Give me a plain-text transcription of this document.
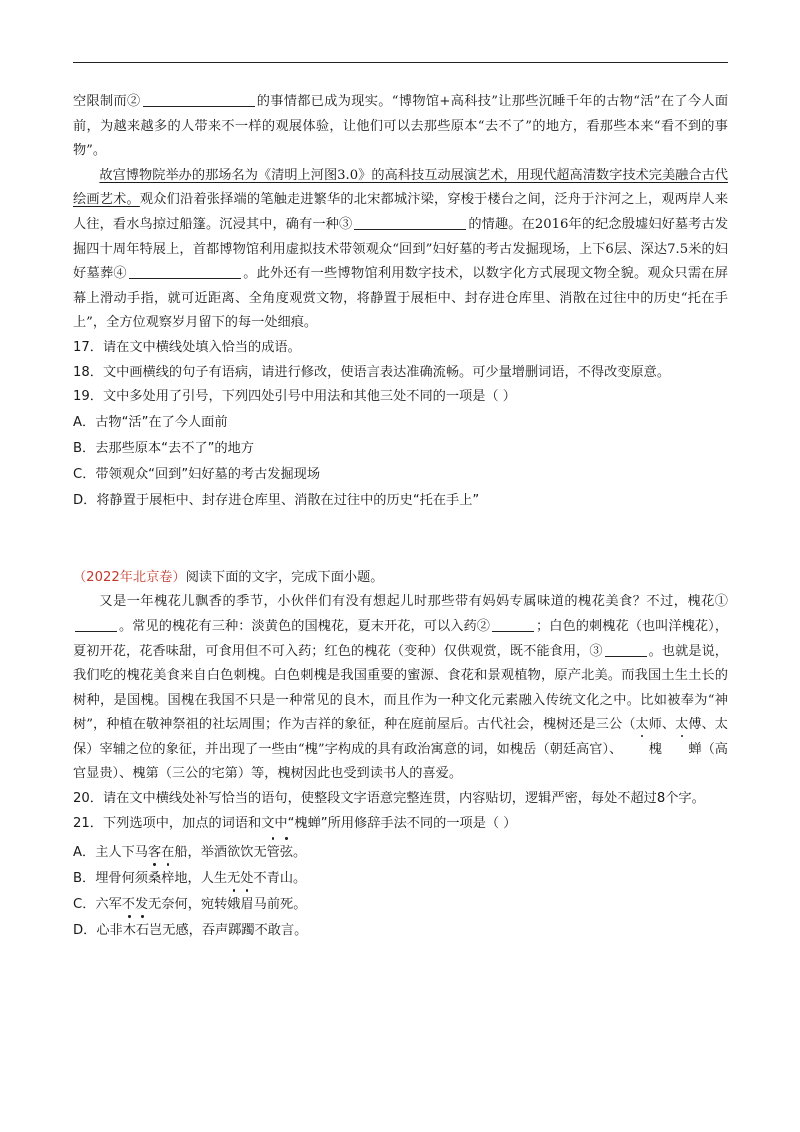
空限制而②	的事情都已成为现实。“博物馆+高科技”让那些沉睡千年的古物“活”在了今人面前，为越来越多的人带来不一样的观展体验，让他们可以去那些原本“去不了”的地方，看那些本来“看不到的事物”。

故宫博物院举办的那场名为《清明上河图3.0》的高科技互动展演艺术，用现代超高清数字技术完美融合古代绘画艺术。观众们沿着张择端的笔触走进繁华的北宋都城汴梁，穿梭于楼台之间，泛舟于汴河之上，观两岸人来人往，看水鸟掠过船篷。沉浸其中，确有一种③	的情趣。在2016年的纪念殷墟妇好墓考古发掘四十周年特展上，首都博物馆利用虚拟技术带领观众“回到”妇好墓的考古发掘现场，上下6层、深达7.5米的妇好墓葬④	。此外还有一些博物馆利用数字技术，以数字化方式展现文物全貌。观众只需在屏幕上滑动手指，就可近距离、全角度观赏文物，将静置于展柜中、封存进仓库里、消散在过往中的历史“托在手上”，全方位观察岁月留下的每一处细痕。

17．请在文中横线处填入恰当的成语。

18．文中画横线的句子有语病，请进行修改，使语言表达准确流畅。可少量增删词语，不得改变原意。

19．文中多处用了引号，下列四处引号中用法和其他三处不同的一项是（ ）

A．古物“活”在了今人面前

B．去那些原本“去不了”的地方

C．带领观众“回到”妇好墓的考古发掘现场

D．将静置于展柜中、封存进仓库里、消散在过往中的历史“托在手上”

（2022年北京卷）阅读下面的文字，完成下面小题。

又是一年槐花儿飘香的季节，小伙伴们有没有想起儿时那些带有妈妈专属味道的槐花美食？不过，槐花①。常见的槐花有三种：淡黄色的国槐花，夏末开花，可以入药②	；白色的刺槐花（也叫洋槐花），夏初开花，花香味甜，可食用但不可入药；红色的槐花（变种）仅供观赏，既不能食用，③	。也就是说，我们吃的槐花美食来自白色刺槐。白色刺槐是我国重要的蜜源、食花和景观植物，原产北美。而我国土生土长的树种，是国槐。国槐在我国不只是一种常见的良木，而且作为一种文化元素融入传统文化之中。比如被奉为“神树”，种植在敬神祭祖的社坛周围；作为吉祥的象征，种在庭前屋后。古代社会，槐树还是三公（太师、太傅、太保）宰辅之位的象征，并出现了一些由“槐”字构成的具有政治寓意的词，如槐岳（朝廷高官）、 槐 蝉（高官显贵）、槐第（三公的宅第）等，槐树因此也受到读书人的喜爱。

20．请在文中横线处补写恰当的语句，使整段文字语意完整连贯，内容贴切，逻辑严密，每处不超过8个字。

21．下列选项中，加点的词语和文中“槐蝉”所用修辞手法不同的一项是（ ）

A．主人下马客在船，举酒欲饮无管弦。

B．埋骨何须桑梓地，人生无处不青山。

C．六军不发无奈何，宛转娥眉马前死。

D．心非木石岂无感，吞声踯躅不敢言。
